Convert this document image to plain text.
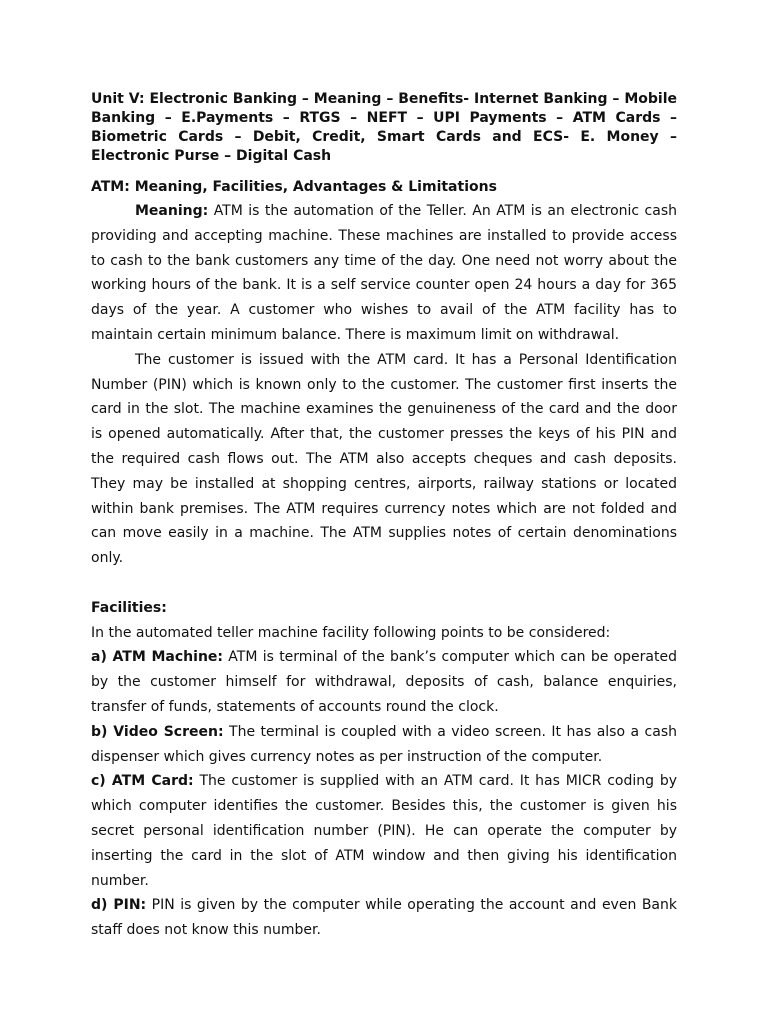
Unit V: Electronic Banking – Meaning – Benefits- Internet Banking – Mobile Banking – E.Payments – RTGS – NEFT – UPI Payments – ATM Cards – Biometric Cards – Debit, Credit, Smart Cards and ECS- E. Money –Electronic Purse – Digital Cash

ATM: Meaning, Facilities, Advantages & Limitations

Meaning: ATM is the automation of the Teller. An ATM is an electronic cash providing and accepting machine. These machines are installed to provide access to cash to the bank customers any time of the day. One need not worry about the working hours of the bank. It is a self service counter open 24 hours a day for 365 days of the year. A customer who wishes to avail of the ATM facility has to maintain certain minimum balance. There is maximum limit on withdrawal.

The customer is issued with the ATM card. It has a Personal Identification Number (PIN) which is known only to the customer. The customer first inserts the card in the slot. The machine examines the genuineness of the card and the door is opened automatically. After that, the customer presses the keys of his PIN and the required cash flows out. The ATM also accepts cheques and cash deposits. They may be installed at shopping centres, airports, railway stations or located within bank premises. The ATM requires currency notes which are not folded and can move easily in a machine. The ATM supplies notes of certain denominations only.

Facilities:

In the automated teller machine facility following points to be considered:

a) ATM Machine: ATM is terminal of the bank’s computer which can be operated by the customer himself for withdrawal, deposits of cash, balance enquiries, transfer of funds, statements of accounts round the clock.

b) Video Screen: The terminal is coupled with a video screen. It has also a cash dispenser which gives currency notes as per instruction of the computer.

c) ATM Card: The customer is supplied with an ATM card. It has MICR coding by which computer identifies the customer. Besides this, the customer is given his secret personal identification number (PIN). He can operate the computer by inserting the card in the slot of ATM window and then giving his identification number.

d) PIN: PIN is given by the computer while operating the account and even Bank staff does not know this number.
